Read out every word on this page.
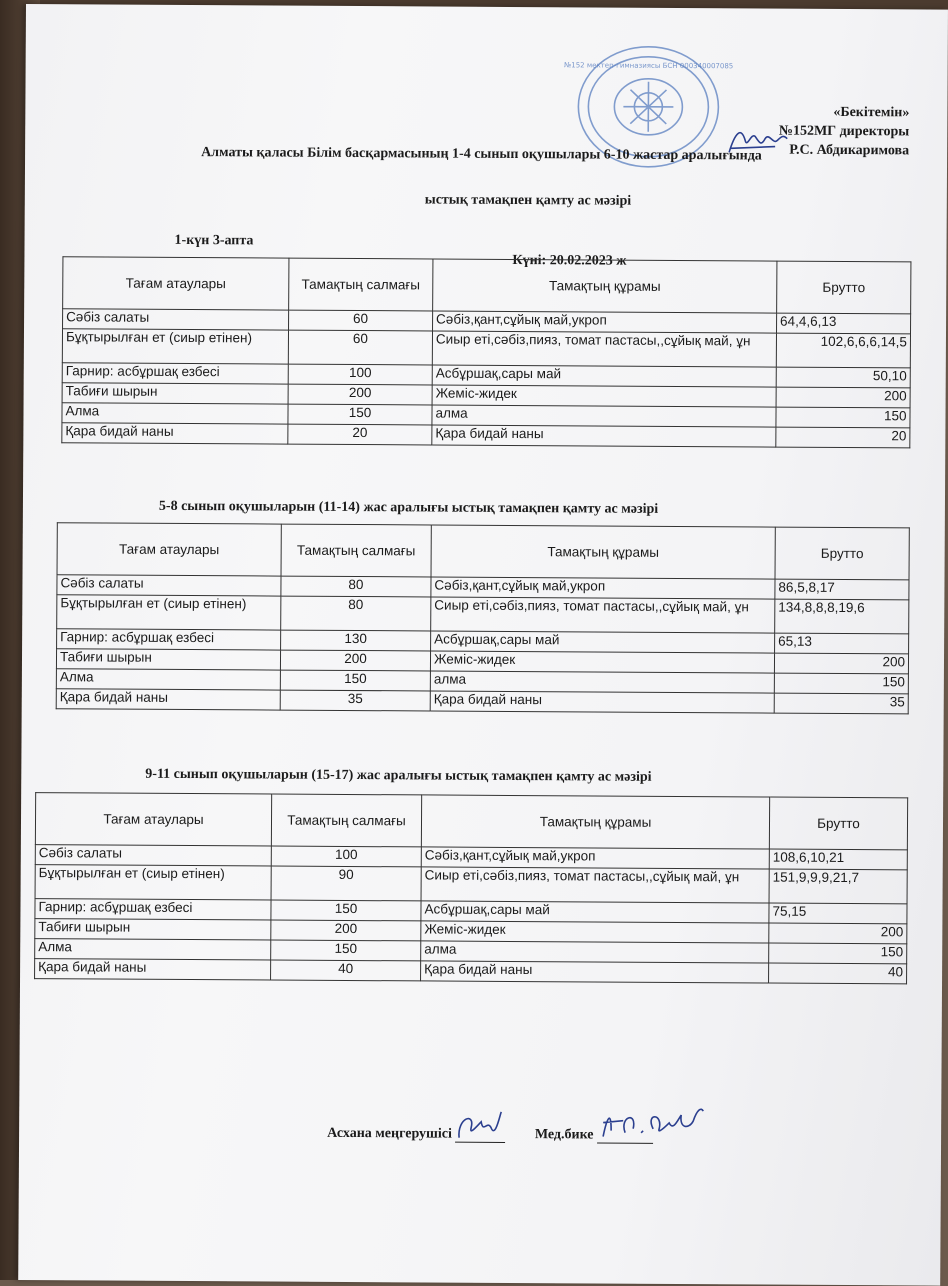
№152 мектеп-гимназиясы БСН 000340007085
«Бекітемін»
№152МГ директоры
Р.С. Абдикаримова
Алматы қаласы Білім басқармасының 1-4 сынып оқушылары 6-10 жастар аралығында
ыстық тамақпен қамту ас мәзірі
1-күн 3-апта
Күні: 20.02.2023 ж
Тағам атаулары	Тамақтың салмағы	Тамақтың құрамы	Брутто
Сәбіз салаты	60	Сәбіз,қант,сұйық май,укроп	64,4,6,13
Бұқтырылған ет (сиыр етінен)	60	Сиыр еті,сәбіз,пияз, томат пастасы,,сұйық май, ұн	102,6,6,6,14,5
Гарнир: асбұршақ езбесі	100	Асбұршақ,сары май	50,10
Табиғи шырын	200	Жеміс-жидек	200
Алма	150	алма	150
Қара бидай наны	20	Қара бидай наны	20
5-8 сынып оқушыларын (11-14) жас аралығы ыстық тамақпен қамту ас мәзірі
Тағам атаулары	Тамақтың салмағы	Тамақтың құрамы	Брутто
Сәбіз салаты	80	Сәбіз,қант,сұйық май,укроп	86,5,8,17
Бұқтырылған ет (сиыр етінен)	80	Сиыр еті,сәбіз,пияз, томат пастасы,,сұйық май, ұн	134,8,8,8,19,6
Гарнир: асбұршақ езбесі	130	Асбұршақ,сары май	65,13
Табиғи шырын	200	Жеміс-жидек	200
Алма	150	алма	150
Қара бидай наны	35	Қара бидай наны	35
9-11 сынып оқушыларын (15-17) жас аралығы ыстық тамақпен қамту ас мәзірі
Тағам атаулары	Тамақтың салмағы	Тамақтың құрамы	Брутто
Сәбіз салаты	100	Сәбіз,қант,сұйық май,укроп	108,6,10,21
Бұқтырылған ет (сиыр етінен)	90	Сиыр еті,сәбіз,пияз, томат пастасы,,сұйық май, ұн	151,9,9,9,21,7
Гарнир: асбұршақ езбесі	150	Асбұршақ,сары май	75,15
Табиғи шырын	200	Жеміс-жидек	200
Алма	150	алма	150
Қара бидай наны	40	Қара бидай наны	40
Асхана меңгерушісі	Мед.бике
